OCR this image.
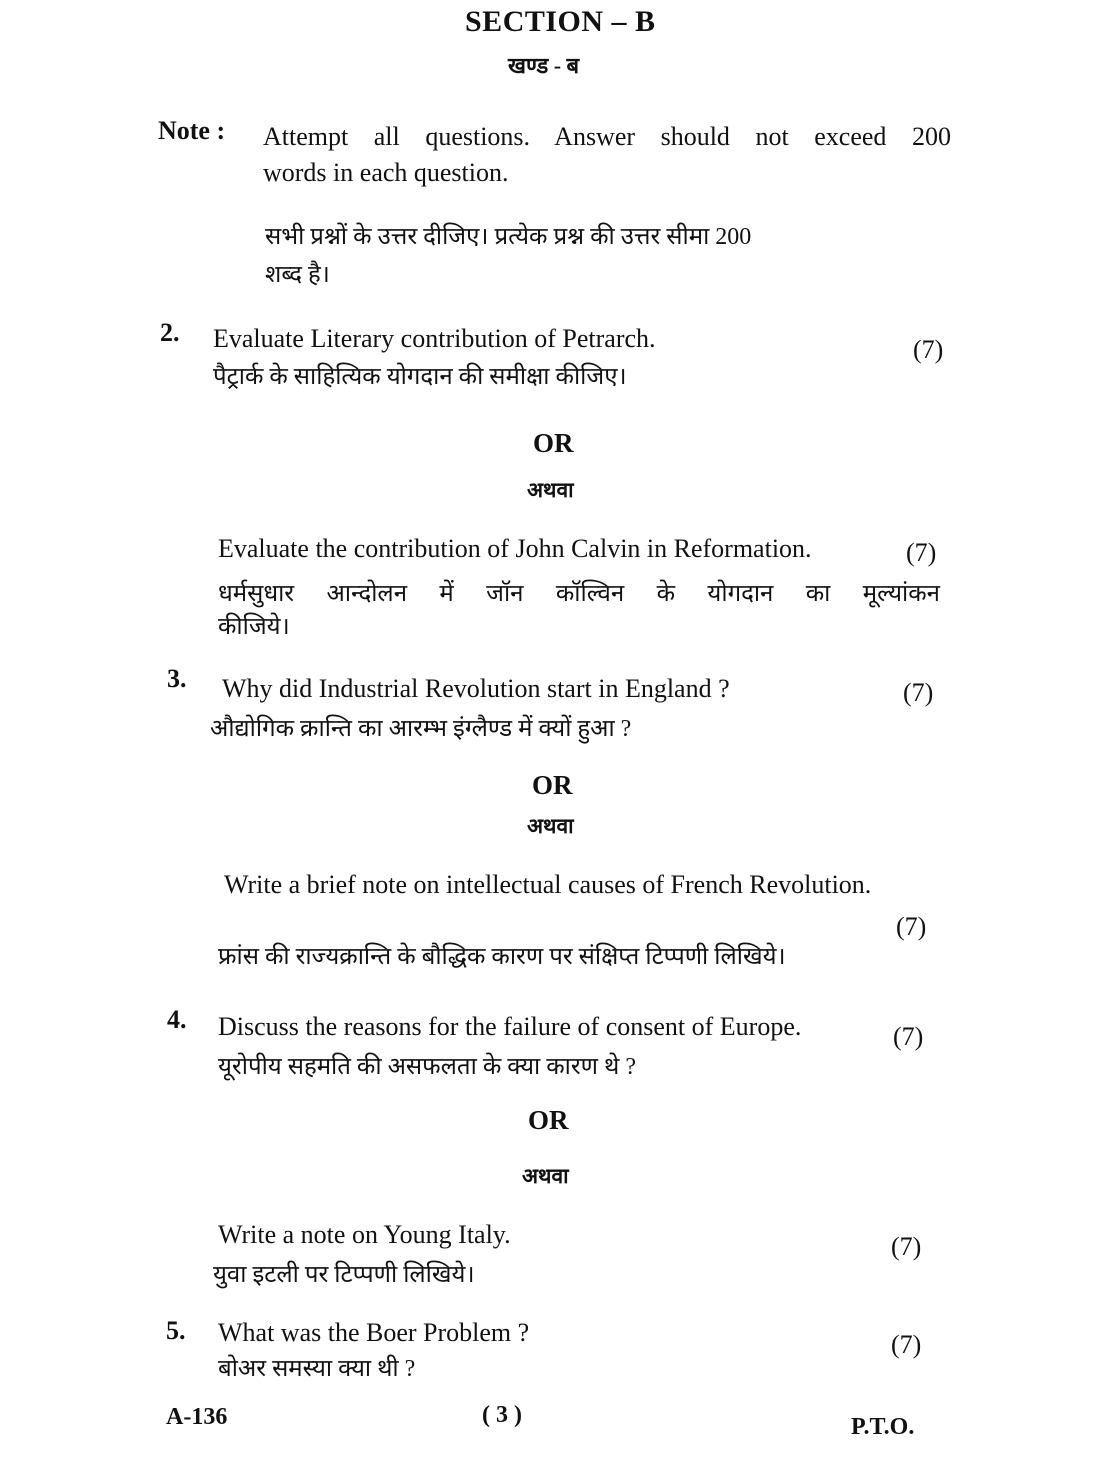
SECTION – B
खण्ड - ब
Note : Attempt all questions. Answer should not exceed 200
words in each question.
सभी प्रश्नों के उत्तर दीजिए। प्रत्येक प्रश्न की उत्तर सीमा 200
शब्द है।
2. Evaluate Literary contribution of Petrarch.	(7)
पैट्रार्क के साहित्यिक योगदान की समीक्षा कीजिए।
OR
अथवा
Evaluate the contribution of John Calvin in Reformation.	(7)
धर्मसुधार आन्दोलन में जॉन कॉल्विन के योगदान का मूल्यांकन
कीजिये।
3. Why did Industrial Revolution start in England ?	(7)
औद्योगिक क्रान्ति का आरम्भ इंग्लैण्ड में क्यों हुआ ?
OR
अथवा
Write a brief note on intellectual causes of French Revolution.
(7)
फ्रांस की राज्यक्रान्ति के बौद्धिक कारण पर संक्षिप्त टिप्पणी लिखिये।
4. Discuss the reasons for the failure of consent of Europe.	(7)
यूरोपीय सहमति की असफलता के क्या कारण थे ?
OR
अथवा
Write a note on Young Italy.	(7)
युवा इटली पर टिप्पणी लिखिये।
5. What was the Boer Problem ?	(7)
बोअर समस्या क्या थी ?
A-136	( 3 )	P.T.O.
